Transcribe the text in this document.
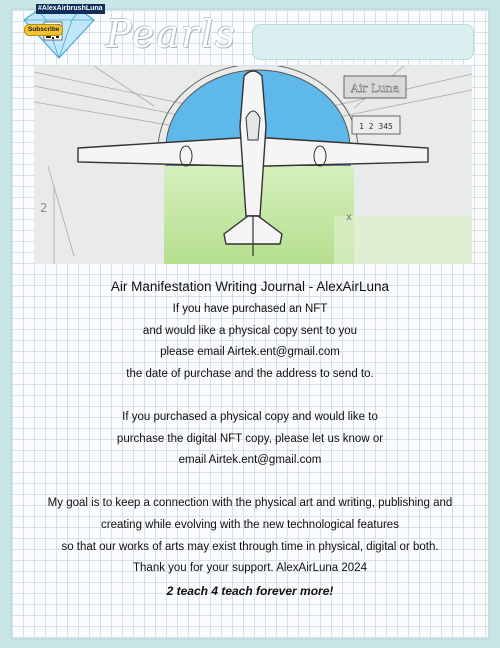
#AlexAirbrushLuna
Subscribe Pearls
Air Luna
1 2 345
2
x

Air Manifestation Writing Journal - AlexAirLuna

If you have purchased an NFT

and would like a physical copy sent to you

please email Airtek.ent@gmail.com

the date of purchase and the address to send to.

If you purchased a physical copy and would like to

purchase the digital NFT copy, please let us know or

email Airtek.ent@gmail.com

My goal is to keep a connection with the physical art and writing, publishing and

creating while evolving with the new technological features

so that our works of arts may exist through time in physical, digital or both.

Thank you for your support. AlexAirLuna 2024

2 teach 4 teach forever more!
